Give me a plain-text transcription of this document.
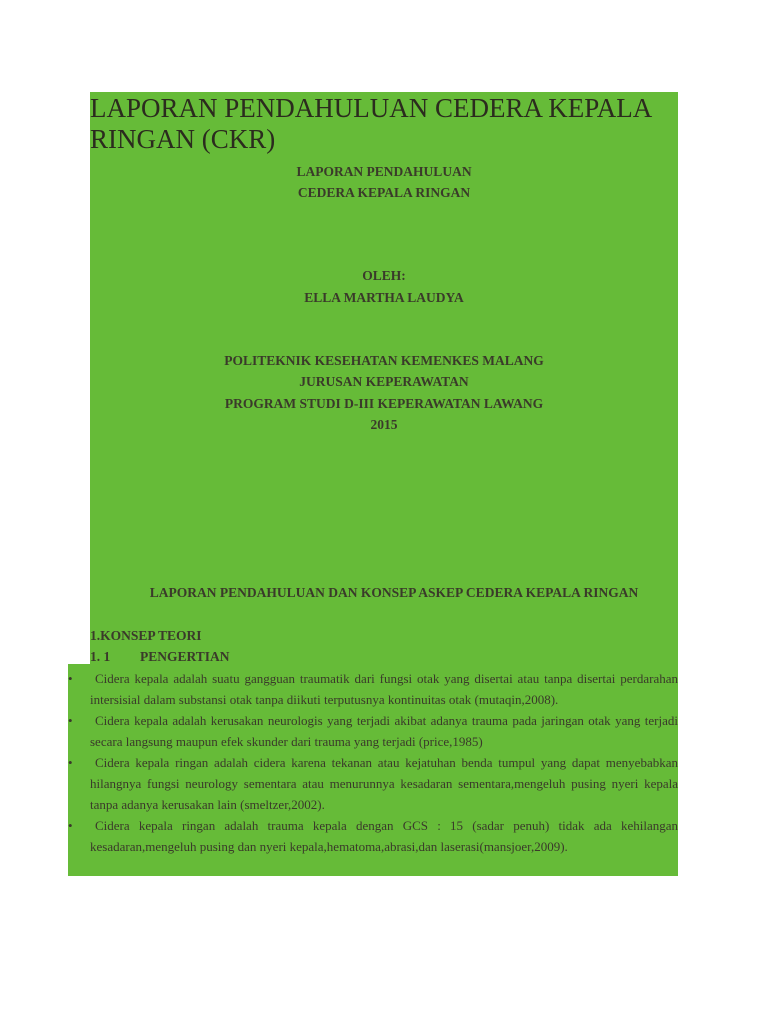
LAPORAN PENDAHULUAN CEDERA KEPALA RINGAN (CKR)

LAPORAN PENDAHULUAN

CEDERA KEPALA RINGAN

OLEH:

ELLA MARTHA LAUDYA

POLITEKNIK KESEHATAN KEMENKES MALANG

JURUSAN KEPERAWATAN

PROGRAM STUDI D-III KEPERAWATAN LAWANG

2015

LAPORAN PENDAHULUAN DAN KONSEP ASKEP CEDERA KEPALA RINGAN

1.KONSEP TEORI

1. 1 PENGERTIAN

• Cidera kepala adalah suatu gangguan traumatik dari fungsi otak yang disertai atau tanpa disertai perdarahan intersisial dalam substansi otak tanpa diikuti terputusnya kontinuitas otak (mutaqin,2008).
• Cidera kepala adalah kerusakan neurologis yang terjadi akibat adanya trauma pada jaringan otak yang terjadi secara langsung maupun efek skunder dari trauma yang terjadi (price,1985)
• Cidera kepala ringan adalah cidera karena tekanan atau kejatuhan benda tumpul yang dapat menyebabkan hilangnya fungsi neurology sementara atau menurunnya kesadaran sementara,mengeluh pusing nyeri kepala tanpa adanya kerusakan lain (smeltzer,2002).
• Cidera kepala ringan adalah trauma kepala dengan GCS : 15 (sadar penuh) tidak ada kehilangan kesadaran,mengeluh pusing dan nyeri kepala,hematoma,abrasi,dan laserasi(mansjoer,2009).
